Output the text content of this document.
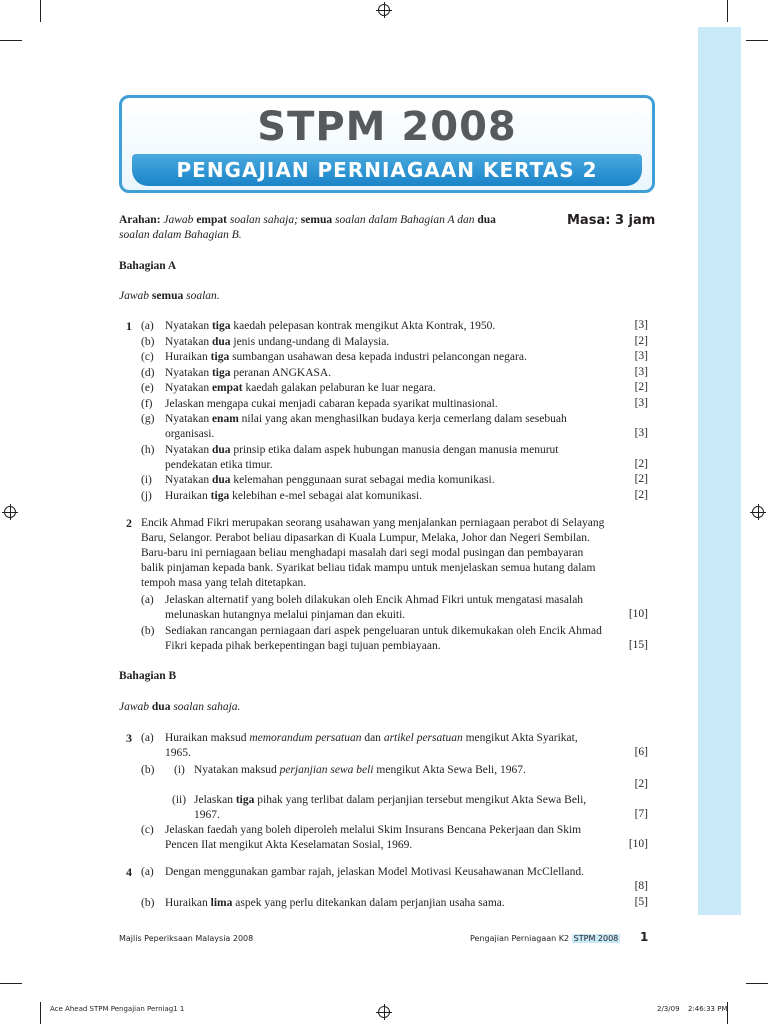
STPM 2008
PENGAJIAN PERNIAGAAN KERTAS 2
Arahan: Jawab empat soalan sahaja; semua soalan dalam Bahagian A dan dua
soalan dalam Bahagian B.
Masa: 3 jam
Bahagian A
Jawab semua soalan.
1 (a) Nyatakan tiga kaedah pelepasan kontrak mengikut Akta Kontrak, 1950.	[3]
(b) Nyatakan dua jenis undang-undang di Malaysia.	[2]
(c) Huraikan tiga sumbangan usahawan desa kepada industri pelancongan negara.	[3]
(d) Nyatakan tiga peranan ANGKASA.	[3]
(e) Nyatakan empat kaedah galakan pelaburan ke luar negara.	[2]
(f) Jelaskan mengapa cukai menjadi cabaran kepada syarikat multinasional.	[3]
(g) Nyatakan enam nilai yang akan menghasilkan budaya kerja cemerlang dalam sesebuah
organisasi.	[3]
(h) Nyatakan dua prinsip etika dalam aspek hubungan manusia dengan manusia menurut
pendekatan etika timur.	[2]
(i) Nyatakan dua kelemahan penggunaan surat sebagai media komunikasi.	[2]
(j) Huraikan tiga kelebihan e-mel sebagai alat komunikasi.	[2]
2 Encik Ahmad Fikri merupakan seorang usahawan yang menjalankan perniagaan perabot di Selayang
Baru, Selangor. Perabot beliau dipasarkan di Kuala Lumpur, Melaka, Johor dan Negeri Sembilan.
Baru-baru ini perniagaan beliau menghadapi masalah dari segi modal pusingan dan pembayaran
balik pinjaman kepada bank. Syarikat beliau tidak mampu untuk menjelaskan semua hutang dalam
tempoh masa yang telah ditetapkan.
(a) Jelaskan alternatif yang boleh dilakukan oleh Encik Ahmad Fikri untuk mengatasi masalah
melunaskan hutangnya melalui pinjaman dan ekuiti.	[10]
(b) Sediakan rancangan perniagaan dari aspek pengeluaran untuk dikemukakan oleh Encik Ahmad
Fikri kepada pihak berkepentingan bagi tujuan pembiayaan.	[15]
Bahagian B
Jawab dua soalan sahaja.
3 (a) Huraikan maksud memorandum persatuan dan artikel persatuan mengikut Akta Syarikat,
1965.	[6]
(b) (i) Nyatakan maksud perjanjian sewa beli mengikut Akta Sewa Beli, 1967.
[2]
(ii) Jelaskan tiga pihak yang terlibat dalam perjanjian tersebut mengikut Akta Sewa Beli,
1967.	[7]
(c) Jelaskan faedah yang boleh diperoleh melalui Skim Insurans Bencana Pekerjaan dan Skim
Pencen Ilat mengikut Akta Keselamatan Sosial, 1969.	[10]
4 (a) Dengan menggunakan gambar rajah, jelaskan Model Motivasi Keusahawanan McClelland.
[8]
(b) Huraikan lima aspek yang perlu ditekankan dalam perjanjian usaha sama.	[5]
Majlis Peperiksaan Malaysia 2008	Pengajian Perniagaan K2 STPM 2008 1
Ace Ahead STPM Pengajian Perniag1 1	2/3/09 2:46:33 PM
